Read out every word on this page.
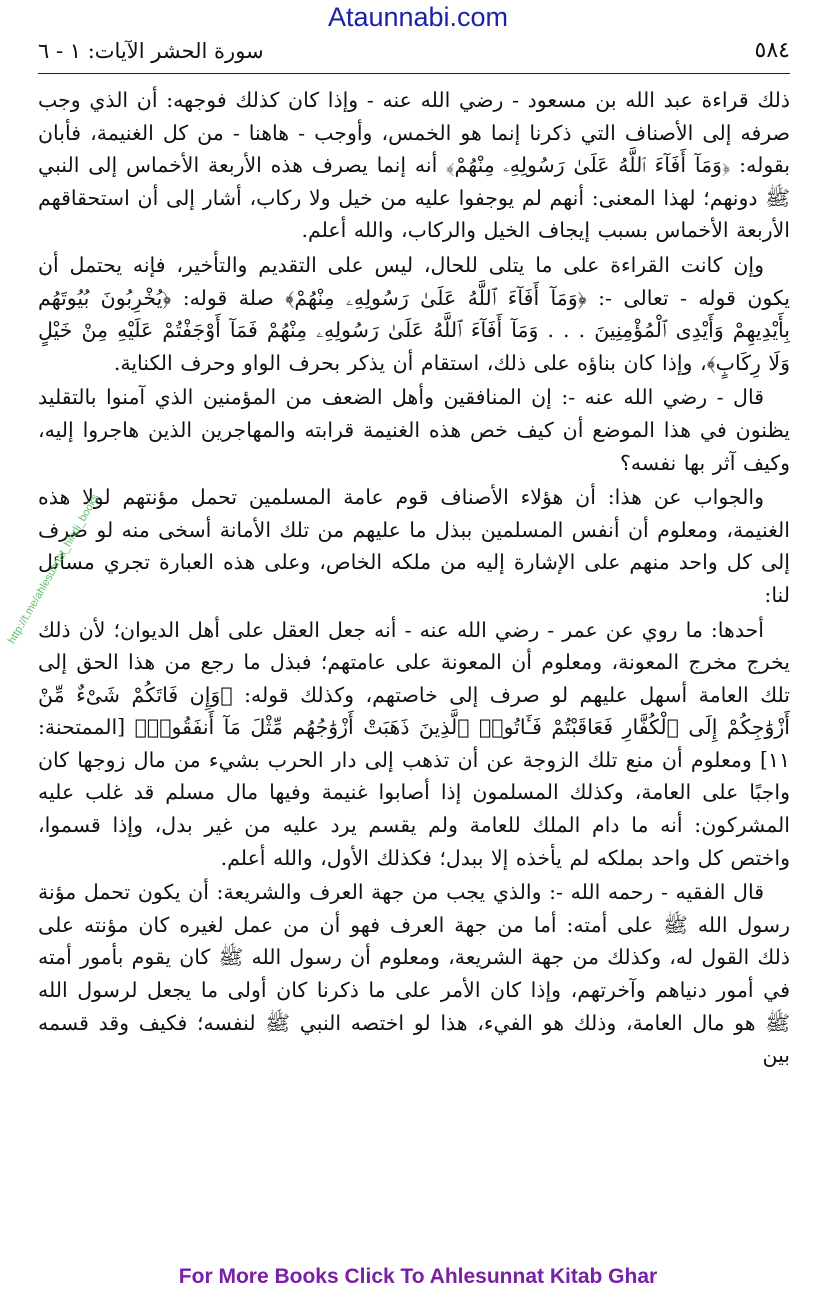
Ataunnabi.com
٥٨٤
سورة الحشر الآيات: ١ - ٦

ذلك قراءة عبد الله بن مسعود - رضي الله عنه - وإذا كان كذلك فوجهه: أن الذي وجب صرفه إلى الأصناف التي ذكرنا إنما هو الخمس، وأوجب - هاهنا - من كل الغنيمة، فأبان بقوله: ﴿وَمَآ أَفَآءَ ٱللَّهُ عَلَىٰ رَسُولِهِۦ مِنْهُمْ﴾ أنه إنما يصرف هذه الأربعة الأخماس إلى النبي ﷺ دونهم؛ لهذا المعنى: أنهم لم يوجفوا عليه من خيل ولا ركاب، أشار إلى أن استحقاقهم الأربعة الأخماس بسبب إيجاف الخيل والركاب، والله أعلم.

وإن كانت القراءة على ما يتلى للحال، ليس على التقديم والتأخير، فإنه يحتمل أن يكون قوله - تعالى -: ﴿وَمَآ أَفَآءَ ٱللَّهُ عَلَىٰ رَسُولِهِۦ مِنْهُمْ﴾ صلة قوله: ﴿يُخْرِبُونَ بُيُوتَهُم بِأَيْدِيهِمْ وَأَيْدِى ٱلْمُؤْمِنِينَ . . . وَمَآ أَفَآءَ ٱللَّهُ عَلَىٰ رَسُولِهِۦ مِنْهُمْ فَمَآ أَوْجَفْتُمْ عَلَيْهِ مِنْ خَيْلٍ وَلَا رِكَابٍ﴾، وإذا كان بناؤه على ذلك، استقام أن يذكر بحرف الواو وحرف الكناية.

قال - رضي الله عنه -: إن المنافقين وأهل الضعف من المؤمنين الذي آمنوا بالتقليد يظنون في هذا الموضع أن كيف خص هذه الغنيمة قرابته والمهاجرين الذين هاجروا إليه، وكيف آثر بها نفسه؟

والجواب عن هذا: أن هؤلاء الأصناف قوم عامة المسلمين تحمل مؤنتهم لولا هذه الغنيمة، ومعلوم أن أنفس المسلمين ببذل ما عليهم من تلك الأمانة أسخى منه لو صرف إلى كل واحد منهم على الإشارة إليه من ملكه الخاص، وعلى هذه العبارة تجري مسائل لنا:

أحدها: ما روي عن عمر - رضي الله عنه - أنه جعل العقل على أهل الديوان؛ لأن ذلك يخرج مخرج المعونة، ومعلوم أن المعونة على عامتهم؛ فبذل ما رجع من هذا الحق إلى تلك العامة أسهل عليهم لو صرف إلى خاصتهم، وكذلك قوله: ﴿وَإِن فَاتَكُمْ شَىْءٌ مِّنْ أَزْوَٰجِكُمْ إِلَى ٱلْكُفَّارِ فَعَاقَبْتُمْ فَـَٔاتُوا۟ ٱلَّذِينَ ذَهَبَتْ أَزْوَٰجُهُم مِّثْلَ مَآ أَنفَقُوا۟﴾ [الممتحنة: ١١] ومعلوم أن منع تلك الزوجة عن أن تذهب إلى دار الحرب بشيء من مال زوجها كان واجبًا على العامة، وكذلك المسلمون إذا أصابوا غنيمة وفيها مال مسلم قد غلب عليه المشركون: أنه ما دام الملك للعامة ولم يقسم يرد عليه من غير بدل، وإذا قسموا، واختص كل واحد بملكه لم يأخذه إلا ببدل؛ فكذلك الأول، والله أعلم.

قال الفقيه - رحمه الله -: والذي يجب من جهة العرف والشريعة: أن يكون تحمل مؤنة رسول الله ﷺ على أمته: أما من جهة العرف فهو أن من عمل لغيره كان مؤنته على ذلك القول له، وكذلك من جهة الشريعة، ومعلوم أن رسول الله ﷺ كان يقوم بأمور أمته في أمور دنياهم وآخرتهم، وإذا كان الأمر على ما ذكرنا كان أولى ما يجعل لرسول الله ﷺ هو مال العامة، وذلك هو الفيء، هذا لو اختصه النبي ﷺ لنفسه؛ فكيف وقد قسمه بين

http://t.me/ahlesunnat_hindi_books
For More Books Click To Ahlesunnat Kitab Ghar
